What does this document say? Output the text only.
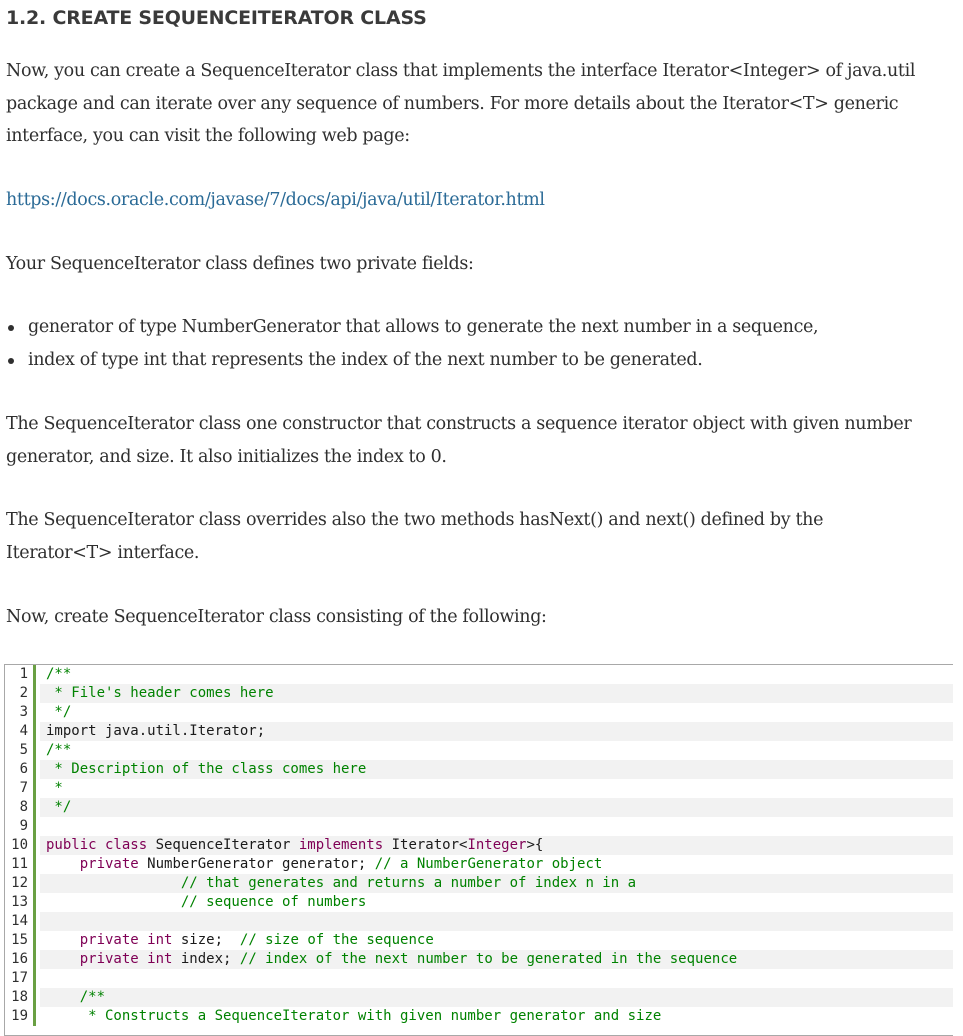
1.2. CREATE SEQUENCEITERATOR CLASS
Now, you can create a SequenceIterator class that implements the interface Iterator<Integer> of java.util
package and can iterate over any sequence of numbers. For more details about the Iterator<T> generic
interface, you can visit the following web page:
https://docs.oracle.com/javase/7/docs/api/java/util/Iterator.html
Your SequenceIterator class defines two private fields:
generator of type NumberGenerator that allows to generate the next number in a sequence,
index of type int that represents the index of the next number to be generated.
The SequenceIterator class one constructor that constructs a sequence iterator object with given number
generator, and size. It also initializes the index to 0.
The SequenceIterator class overrides also the two methods hasNext() and next() defined by the
Iterator<T> interface.
Now, create SequenceIterator class consisting of the following:
1	/**
2	* File's header comes here
3	*/
4	import java.util.Iterator;
5	/**
6	* Description of the class comes here
7	*
8	*/
9
10	public class SequenceIterator implements Iterator<Integer>{
11	private NumberGenerator generator; // a NumberGenerator object
12	// that generates and returns a number of index n in a
13	// sequence of numbers
14
15	private int size;  // size of the sequence
16	private int index; // index of the next number to be generated in the sequence
17
18	/**
19	* Constructs a SequenceIterator with given number generator and size
